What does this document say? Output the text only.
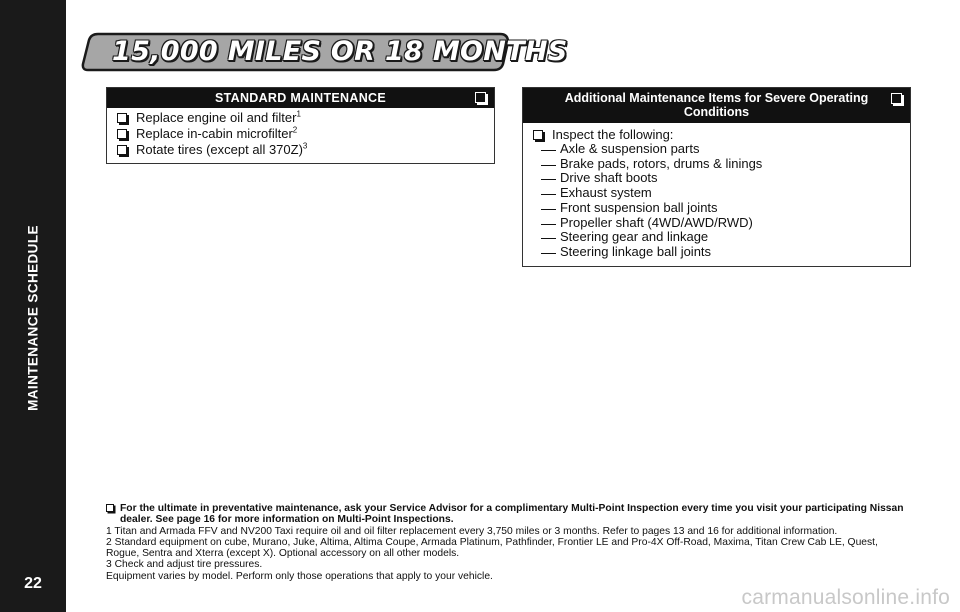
MAINTENANCE SCHEDULE
22
15,000 MILES OR 18 MONTHS
STANDARD MAINTENANCE
Replace engine oil and filter$^1$
Replace in-cabin microfilter$^2$
Rotate tires (except all 370Z)$^3$
Additional Maintenance Items for Severe Operating Conditions
Inspect the following:
Axle & suspension parts
Brake pads, rotors, drums & linings
Drive shaft boots
Exhaust system
Front suspension ball joints
Propeller shaft (4WD/AWD/RWD)
Steering gear and linkage
Steering linkage ball joints
For the ultimate in preventative maintenance, ask your Service Advisor for a complimentary Multi-Point Inspection every time you visit your participating Nissan dealer. See page 16 for more information on Multi-Point Inspections.
1 Titan and Armada FFV and NV200 Taxi require oil and oil filter replacement every 3,750 miles or 3 months. Refer to pages 13 and 16 for additional information.
2 Standard equipment on cube, Murano, Juke, Altima, Altima Coupe, Armada Platinum, Pathfinder, Frontier LE and Pro-4X Off-Road, Maxima, Titan Crew Cab LE, Quest, Rogue, Sentra and Xterra (except X). Optional accessory on all other models.
3 Check and adjust tire pressures.
Equipment varies by model. Perform only those operations that apply to your vehicle.
carmanualsonline.info
